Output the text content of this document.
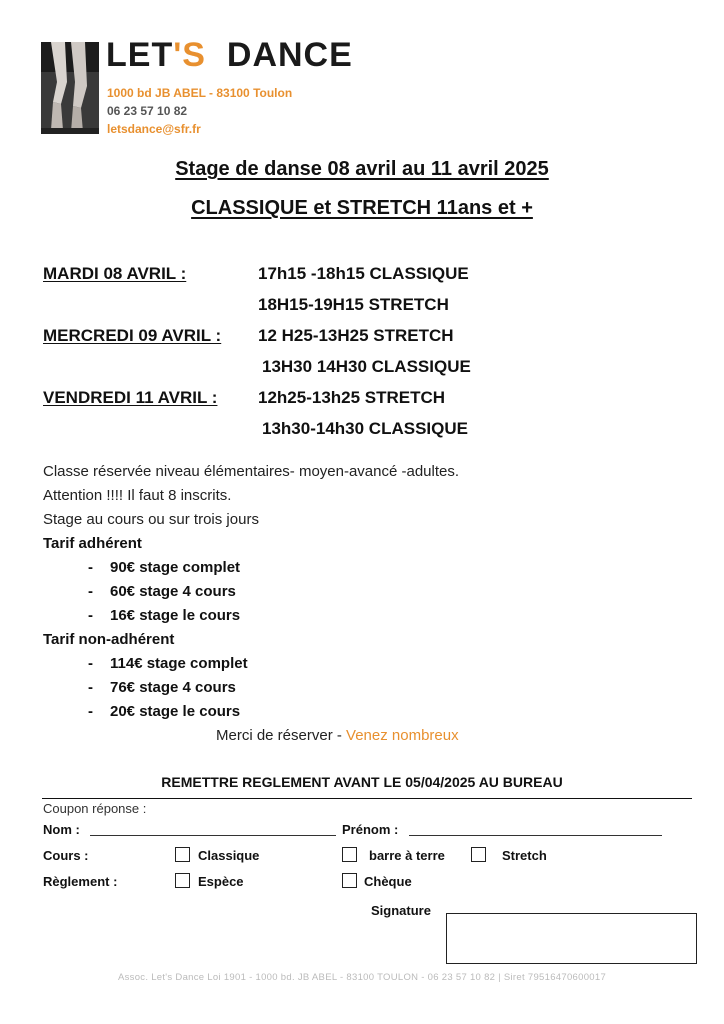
LET'S DANCE
1000 bd JB ABEL - 83100 Toulon
06 23 57 10 82
letsdance@sfr.fr
Stage de danse 08 avril au 11 avril 2025
CLASSIQUE et STRETCH 11ans et +
MARDI 08 AVRIL :	17h15 -18h15 CLASSIQUE
18H15-19H15 STRETCH
MERCREDI 09 AVRIL : 12 H25-13H25 STRETCH
13H30 14H30 CLASSIQUE
VENDREDI 11 AVRIL : 12h25-13h25 STRETCH
13h30-14h30 CLASSIQUE
Classe réservée niveau élémentaires- moyen-avancé -adultes.
Attention !!!! Il faut 8 inscrits.
Stage au cours ou sur trois jours
Tarif adhérent
- 90€ stage complet
- 60€ stage 4 cours
- 16€ stage le cours
Tarif non-adhérent
- 114€ stage complet
- 76€ stage 4 cours
- 20€ stage le cours
Merci de réserver - Venez nombreux
REMETTRE REGLEMENT AVANT LE 05/04/2025 AU BUREAU
Coupon réponse :
Nom :	Prénom :
Cours :	Classique	barre à terre	Stretch
Règlement :	Espèce	Chèque
Signature
Assoc. Let's Dance Loi 1901 - 1000 bd. JB ABEL - 83100 TOULON - 06 23 57 10 82 | Siret 79516470600017
